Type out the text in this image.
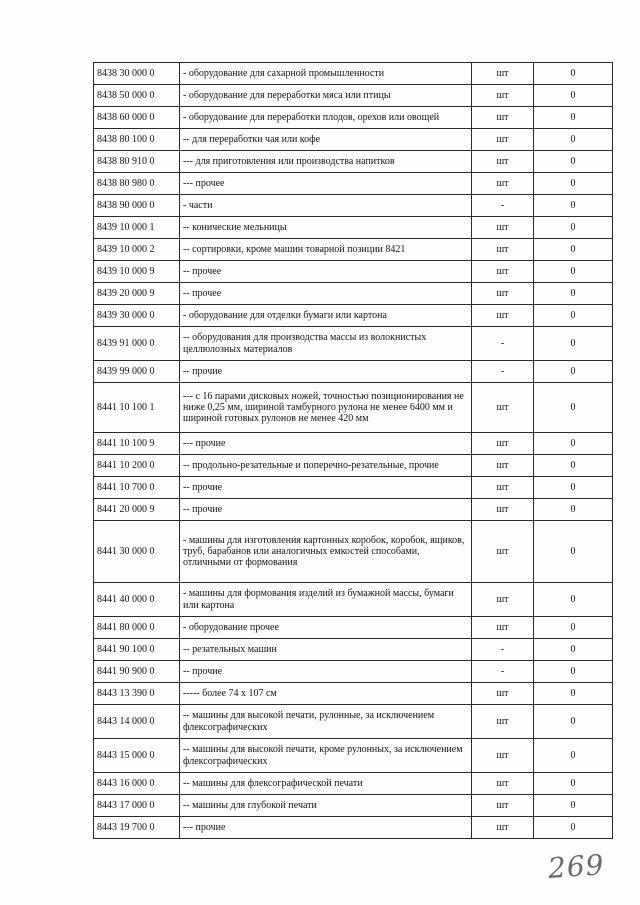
8438 30 000 0	- оборудование для сахарной промышленности	шт	0
8438 50 000 0	- оборудование для переработки мяса или птицы	шт	0
8438 60 000 0	- оборудование для переработки плодов, орехов или овощей	шт	0
8438 80 100 0	-- для переработки чая или кофе	шт	0
8438 80 910 0	--- для приготовления или производства напитков	шт	0
8438 80 980 0	--- прочее	шт	0
8438 90 000 0	- части	-	0
8439 10 000 1	-- конические мельницы	шт	0
8439 10 000 2	-- сортировки, кроме машин товарной позиции 8421	шт	0
8439 10 000 9	-- прочее	шт	0
8439 20 000 9	-- прочее	шт	0
8439 30 000 0	- оборудование для отделки бумаги или картона	шт	0
8439 91 000 0	-- оборудования для производства массы из волокнистых целлюлозных материалов	-	0
8439 99 000 0	-- прочие	-	0
8441 10 100 1	--- с 16 парами дисковых ножей, точностью позиционирования не ниже 0,25 мм, шириной тамбурного рулона не менее 6400 мм и шириной готовых рулонов не менее 420 мм	шт	0
8441 10 100 9	--- прочие	шт	0
8441 10 200 0	-- продольно-резательные и поперечно-резательные, прочие	шт	0
8441 10 700 0	-- прочие	шт	0
8441 20 000 9	-- прочие	шт	0
8441 30 000 0	- машины для изготовления картонных коробок, коробок, ящиков, труб, барабанов или аналогичных емкостей способами, отличными от формования	шт	0
8441 40 000 0	- машины для формования изделий из бумажной массы, бумаги или картона	шт	0
8441 80 000 0	- оборудование прочее	шт	0
8441 90 100 0	-- резательных машин	-	0
8441 90 900 0	-- прочие	-	0
8443 13 390 0	----- более 74 х 107 см	шт	0
8443 14 000 0	-- машины для высокой печати, рулонные, за исключением флексографических	шт	0
8443 15 000 0	-- машины для высокой печати, кроме рулонных, за исключением флексографических	шт	0
8443 16 000 0	-- машины для флексографической печати	шт	0
8443 17 000 0	-- машины для глубокой печати	шт	0
8443 19 700 0	--- прочие	шт	0
269
